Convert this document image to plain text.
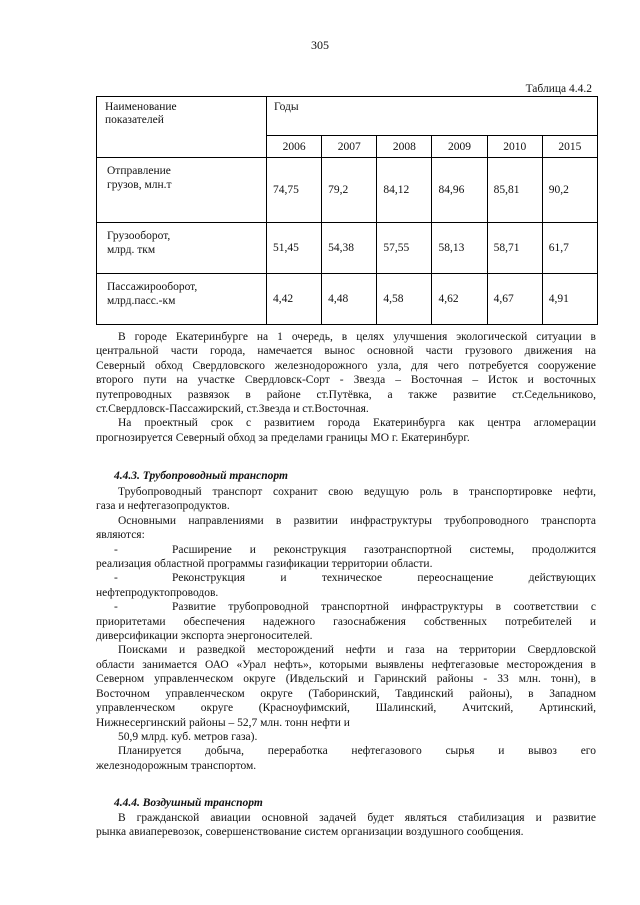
305
Таблица 4.4.2
Наименование
показателей	Годы					
	2006	2007	2008	2009	2010	2015

Отправление
грузов, млн.т	74,75	79,2	84,12	84,96	85,81	90,2

Грузооборот,
млрд. ткм	51,45	54,38	57,55	58,13	58,71	61,7

Пассажирооборот,
млрд.пасс.-км	4,42	4,48	4,58	4,62	4,67	4,91
В городе Екатеринбурге на 1 очередь, в целях улучшения экологической ситуации в
центральной части города, намечается вынос основной части грузового движения на
Северный обход Свердловского железнодорожного узла, для чего потребуется сооружение
второго пути на участке Свердловск-Сорт - Звезда – Восточная – Исток и восточных
путепроводных развязок в районе ст.Путёвка, а также развитие ст.Седельниково,
ст.Свердловск-Пассажирский, ст.Звезда и ст.Восточная.
На проектный срок с развитием города Екатеринбурга как центра агломерации
прогнозируется Северный обход за пределами границы МО г. Екатеринбург.
4.4.3. Трубопроводный транспорт
Трубопроводный транспорт сохранит свою ведущую роль в транспортировке нефти,
газа и нефтегазопродуктов.
Основными направлениями в развитии инфраструктуры трубопроводного транспорта
являются:
-	Расширение и реконструкция газотранспортной системы, продолжится
реализация областной программы газификации территории области.
-	Реконструкция и техническое переоснащение действующих
нефтепродуктопроводов.
-	Развитие трубопроводной транспортной инфраструктуры в соответствии с
приоритетами обеспечения надежного газоснабжения собственных потребителей и
диверсификации экспорта энергоносителей.
Поисками и разведкой месторождений нефти и газа на территории Свердловской
области занимается ОАО «Урал нефть», которыми выявлены нефтегазовые месторождения в
Северном управленческом округе (Ивдельский и Гаринский районы - 33 млн. тонн), в
Восточном управленческом округе (Таборинский, Тавдинский районы), в Западном
управленческом округе (Красноуфимский, Шалинский, Ачитский, Артинский,
Нижнесергинский районы – 52,7 млн. тонн нефти и
50,9 млрд. куб. метров газа).
Планируется добыча, переработка нефтегазового сырья и вывоз его
железнодорожным транспортом.
4.4.4. Воздушный транспорт
В гражданской авиации основной задачей будет являться стабилизация и развитие
рынка авиаперевозок, совершенствование систем организации воздушного сообщения.
